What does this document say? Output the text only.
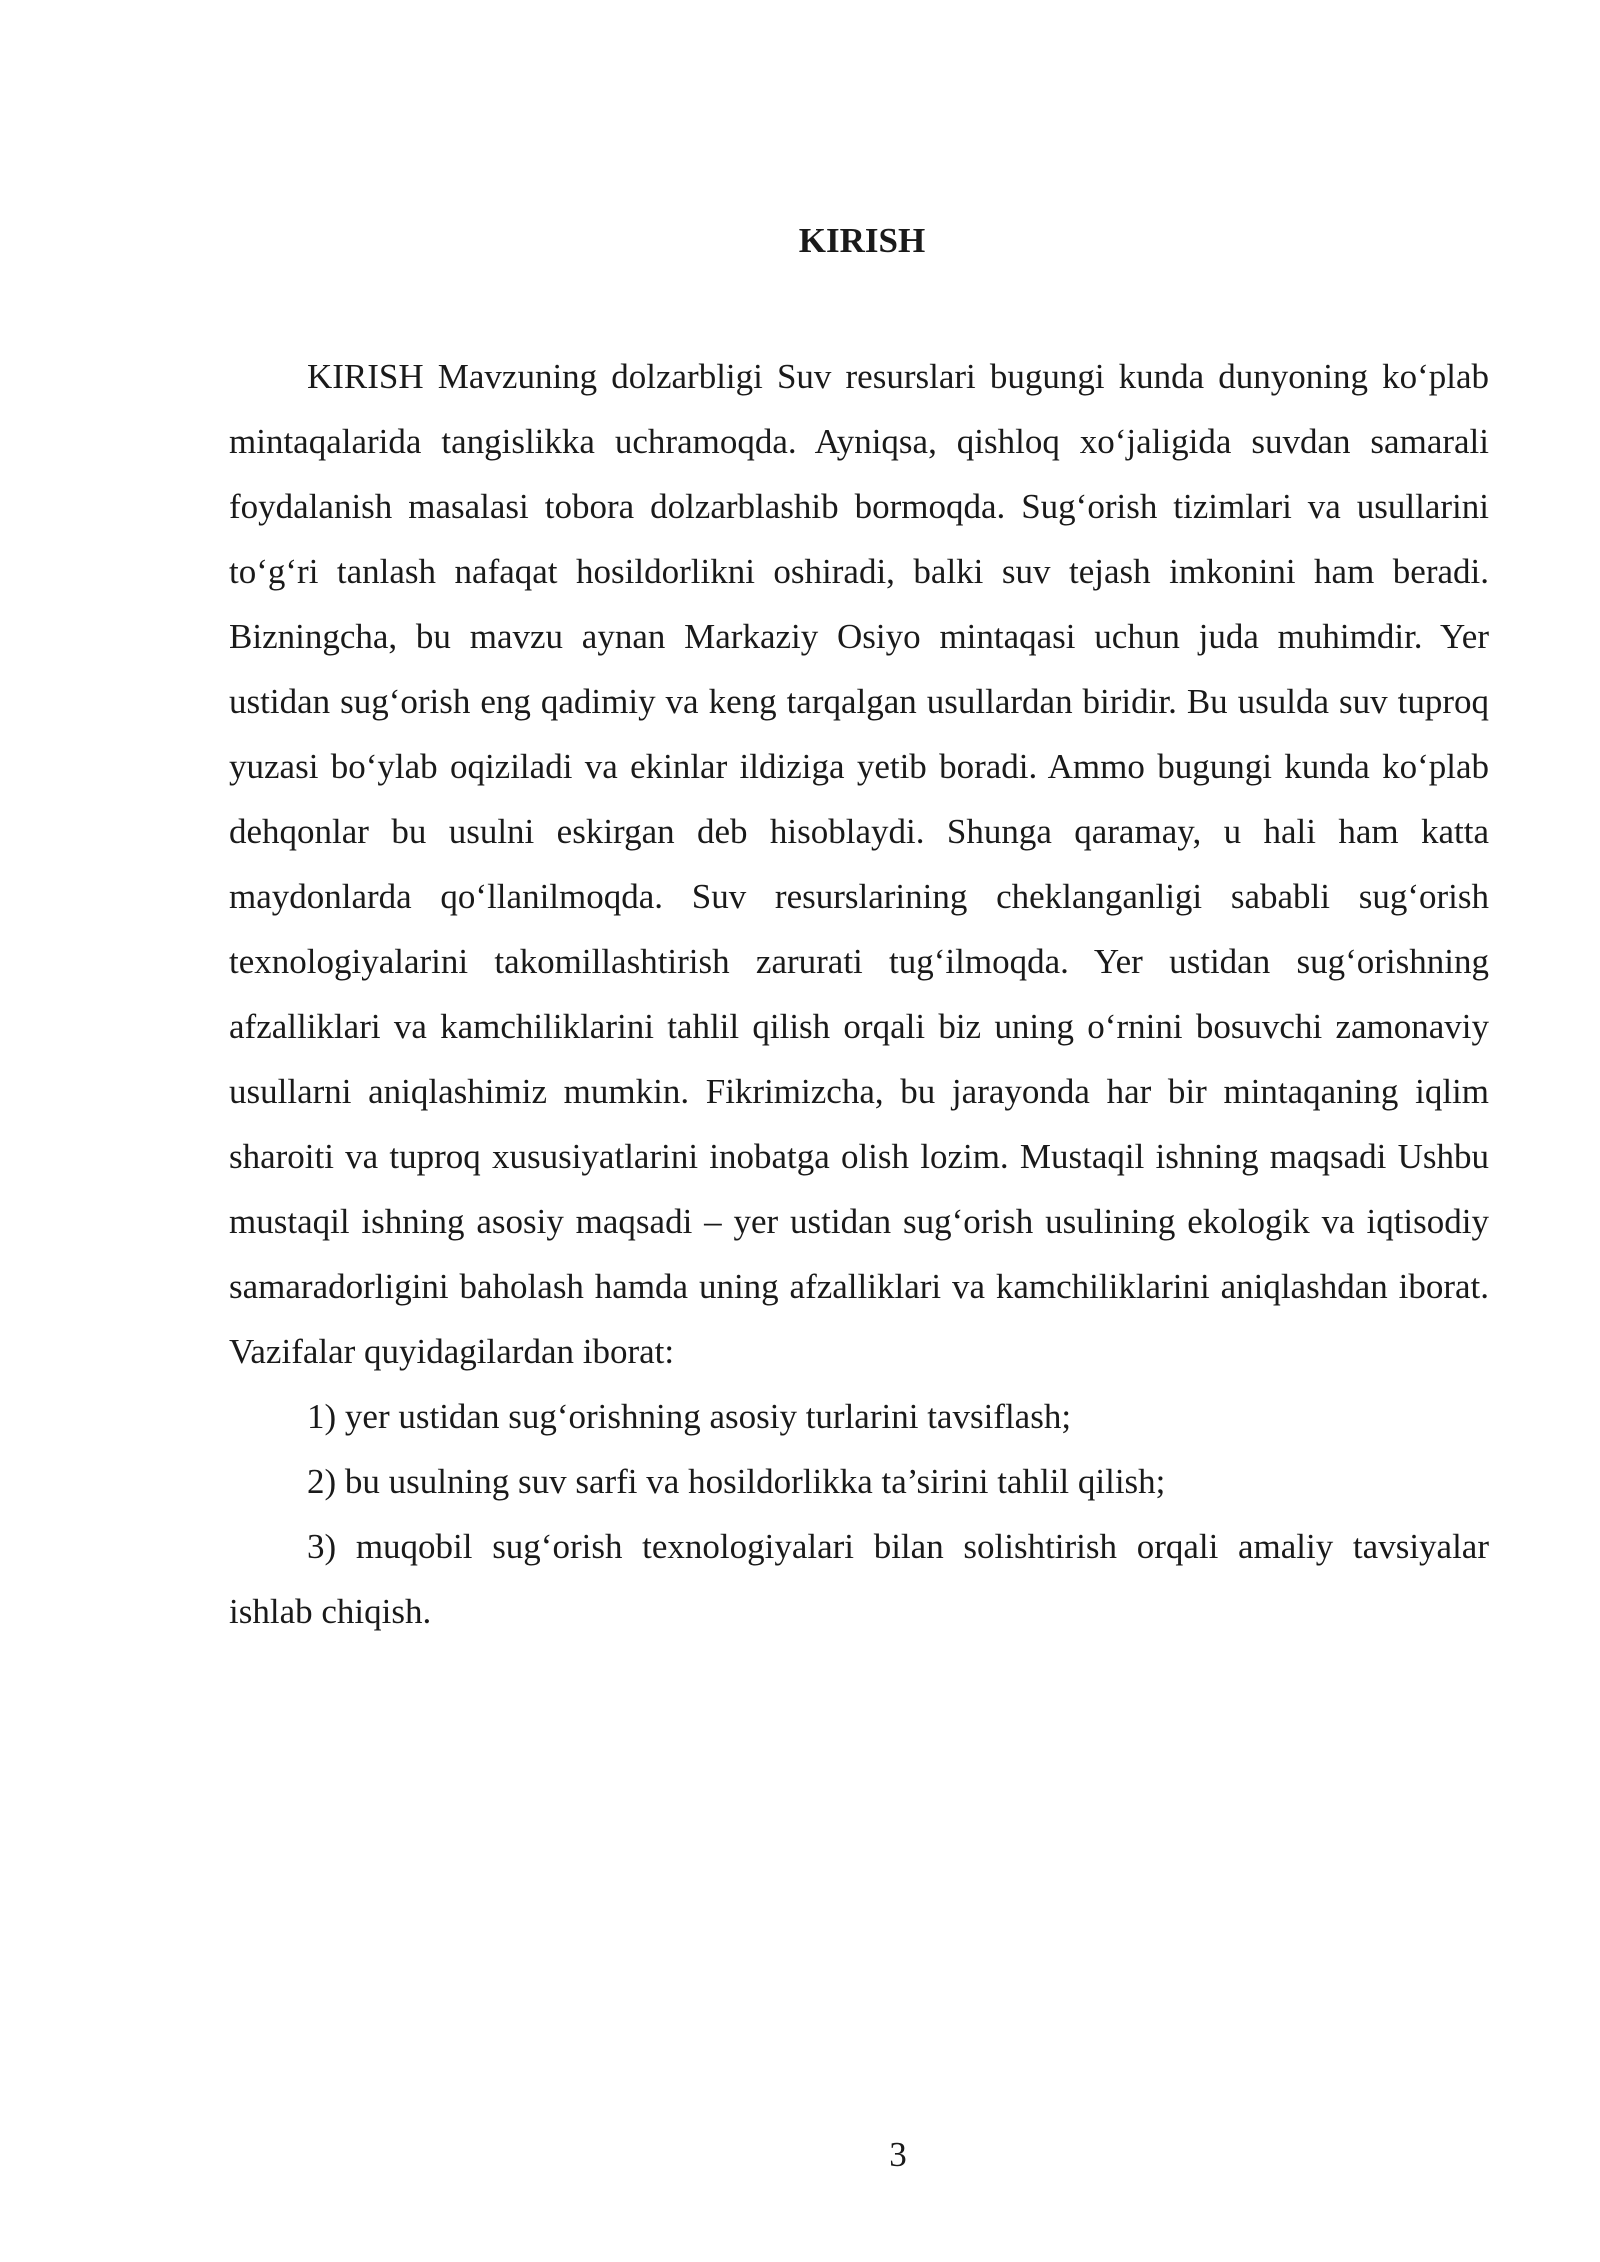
KIRISH

KIRISH Mavzuning dolzarbligi Suv resurslari bugungi kunda dunyoning ko‘plab mintaqalarida tangislikka uchramoqda. Ayniqsa, qishloq xo‘jaligida suvdan samarali foydalanish masalasi tobora dolzarblashib bormoqda. Sug‘orish tizimlari va usullarini to‘g‘ri tanlash nafaqat hosildorlikni oshiradi, balki suv tejash imkonini ham beradi. Bizningcha, bu mavzu aynan Markaziy Osiyo mintaqasi uchun juda muhimdir. Yer ustidan sug‘orish eng qadimiy va keng tarqalgan usullardan biridir. Bu usulda suv tuproq yuzasi bo‘ylab oqiziladi va ekinlar ildiziga yetib boradi. Ammo bugungi kunda ko‘plab dehqonlar bu usulni eskirgan deb hisoblaydi. Shunga qaramay, u hali ham katta maydonlarda qo‘llanilmoqda. Suv resurslarining cheklanganligi sababli sug‘orish texnologiyalarini takomillashtirish zarurati tug‘ilmoqda. Yer ustidan sug‘orishning afzalliklari va kamchiliklarini tahlil qilish orqali biz uning o‘rnini bosuvchi zamonaviy usullarni aniqlashimiz mumkin. Fikrimizcha, bu jarayonda har bir mintaqaning iqlim sharoiti va tuproq xususiyatlarini inobatga olish lozim. Mustaqil ishning maqsadi Ushbu mustaqil ishning asosiy maqsadi – yer ustidan sug‘orish usulining ekologik va iqtisodiy samaradorligini baholash hamda uning afzalliklari va kamchiliklarini aniqlashdan iborat. Vazifalar quyidagilardan iborat:

1) yer ustidan sug‘orishning asosiy turlarini tavsiflash;

2) bu usulning suv sarfi va hosildorlikka ta’sirini tahlil qilish;

3) muqobil sug‘orish texnologiyalari bilan solishtirish orqali amaliy tavsiyalar ishlab chiqish.

3
